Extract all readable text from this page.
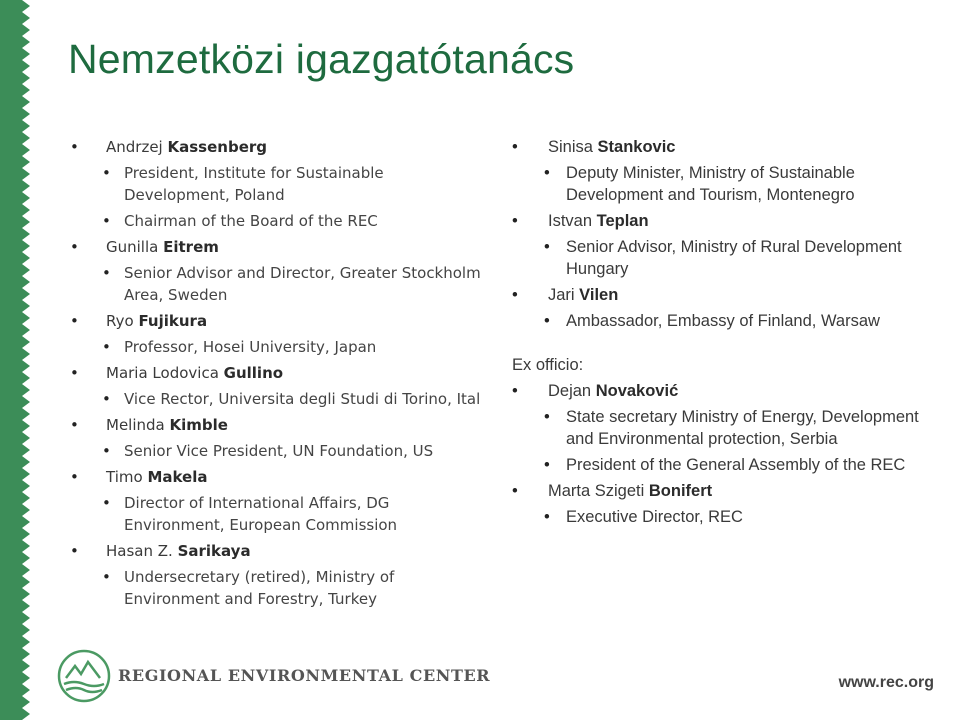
Nemzetközi igazgatótanács
• Andrzej Kassenberg
• President, Institute for Sustainable Development, Poland
• Chairman of the Board of the REC
• Gunilla Eitrem
• Senior Advisor and Director, Greater Stockholm Area, Sweden
• Ryo Fujikura
• Professor, Hosei University, Japan
• Maria Lodovica Gullino
• Vice Rector, Universita degli Studi di Torino, Ital
• Melinda Kimble
• Senior Vice President, UN Foundation, US
• Timo Makela
• Director of International Affairs, DG Environment, European Commission
• Hasan Z. Sarikaya
• Undersecretary (retired), Ministry of Environment and Forestry, Turkey
• Sinisa Stankovic
• Deputy Minister, Ministry of Sustainable Development and Tourism, Montenegro
• Istvan Teplan
• Senior Advisor, Ministry of Rural Development Hungary
• Jari Vilen
• Ambassador, Embassy of Finland, Warsaw

Ex officio:

• Dejan Novaković
• State secretary Ministry of Energy, Development and Environmental protection, Serbia
• President of the General Assembly of the REC
• Marta Szigeti Bonifert
• Executive Director, REC
REGIONAL ENVIRONMENTAL CENTER	www.rec.org
